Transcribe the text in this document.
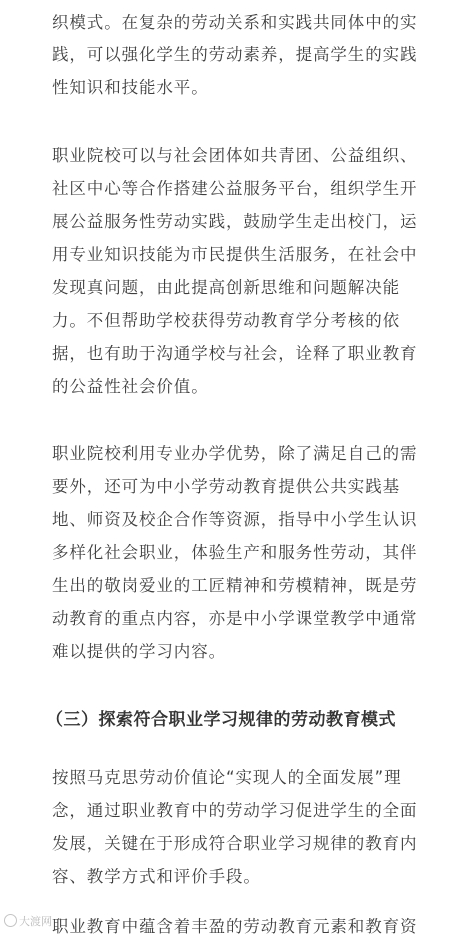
织模式。在复杂的劳动关系和实践共同体中的实
践，可以强化学生的劳动素养，提高学生的实践
性知识和技能水平。
职业院校可以与社会团体如共青团、公益组织、
社区中心等合作搭建公益服务平台，组织学生开
展公益服务性劳动实践，鼓励学生走出校门，运
用专业知识技能为市民提供生活服务，在社会中
发现真问题，由此提高创新思维和问题解决能
力。不但帮助学校获得劳动教育学分考核的依
据，也有助于沟通学校与社会，诠释了职业教育
的公益性社会价值。
职业院校利用专业办学优势，除了满足自己的需
要外，还可为中小学劳动教育提供公共实践基
地、师资及校企合作等资源，指导中小学生认识
多样化社会职业，体验生产和服务性劳动，其伴
生出的敬岗爱业的工匠精神和劳模精神，既是劳
动教育的重点内容，亦是中小学课堂教学中通常
难以提供的学习内容。
（三）探索符合职业学习规律的劳动教育模式
按照马克思劳动价值论“实现人的全面发展”理
念，通过职业教育中的劳动学习促进学生的全面
发展，关键在于形成符合职业学习规律的教育内
容、教学方式和评价手段。
职业教育中蕴含着丰盈的劳动教育元素和教育资
大渡网
